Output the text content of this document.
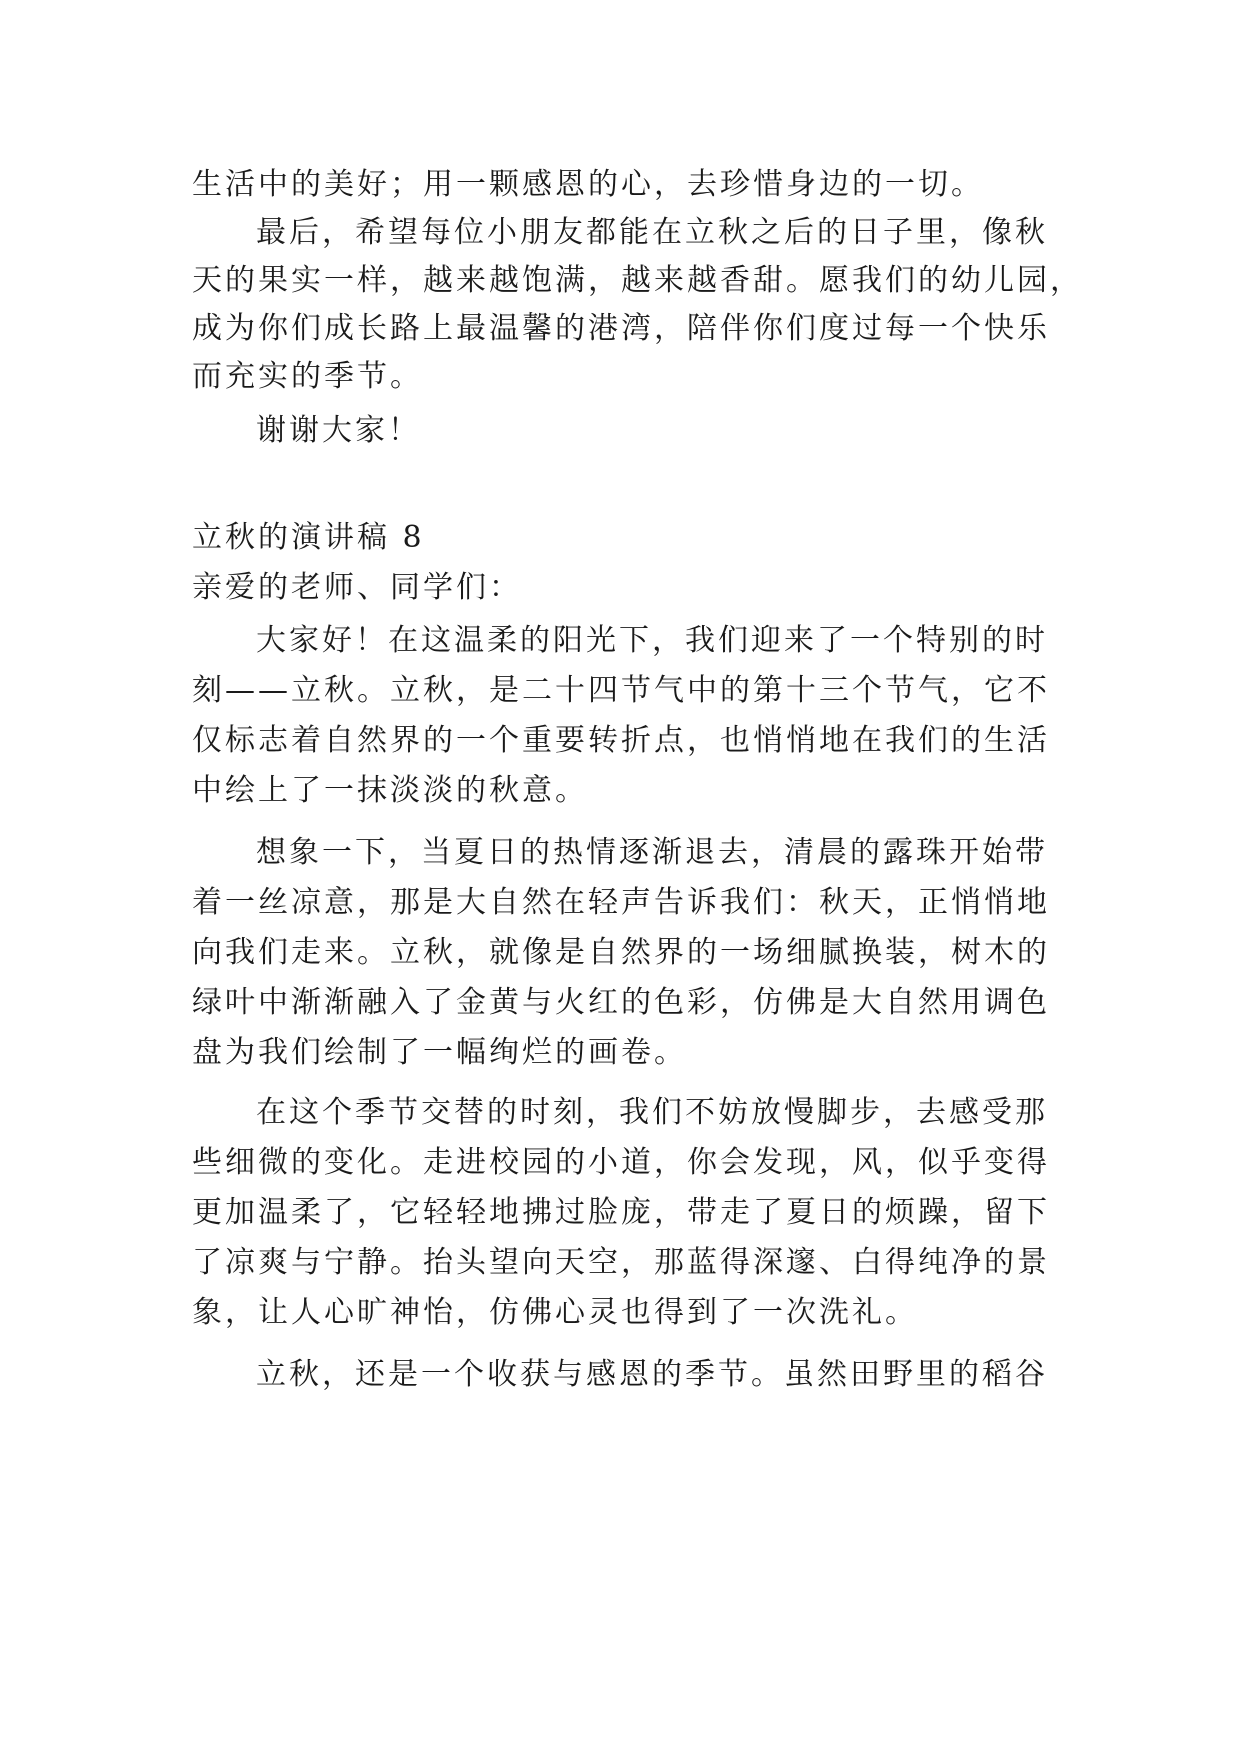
生活中的美好；用一颗感恩的心，去珍惜身边的一切。
最后，希望每位小朋友都能在立秋之后的日子里，像秋
天的果实一样，越来越饱满，越来越香甜。愿我们的幼儿园，
成为你们成长路上最温馨的港湾，陪伴你们度过每一个快乐
而充实的季节。
谢谢大家！
立秋的演讲稿 8
亲爱的老师、同学们：
大家好！在这温柔的阳光下，我们迎来了一个特别的时
刻——立秋。立秋，是二十四节气中的第十三个节气，它不
仅标志着自然界的一个重要转折点，也悄悄地在我们的生活
中绘上了一抹淡淡的秋意。
想象一下，当夏日的热情逐渐退去，清晨的露珠开始带
着一丝凉意，那是大自然在轻声告诉我们：秋天，正悄悄地
向我们走来。立秋，就像是自然界的一场细腻换装，树木的
绿叶中渐渐融入了金黄与火红的色彩，仿佛是大自然用调色
盘为我们绘制了一幅绚烂的画卷。
在这个季节交替的时刻，我们不妨放慢脚步，去感受那
些细微的变化。走进校园的小道，你会发现，风，似乎变得
更加温柔了，它轻轻地拂过脸庞，带走了夏日的烦躁，留下
了凉爽与宁静。抬头望向天空，那蓝得深邃、白得纯净的景
象，让人心旷神怡，仿佛心灵也得到了一次洗礼。
立秋，还是一个收获与感恩的季节。虽然田野里的稻谷
